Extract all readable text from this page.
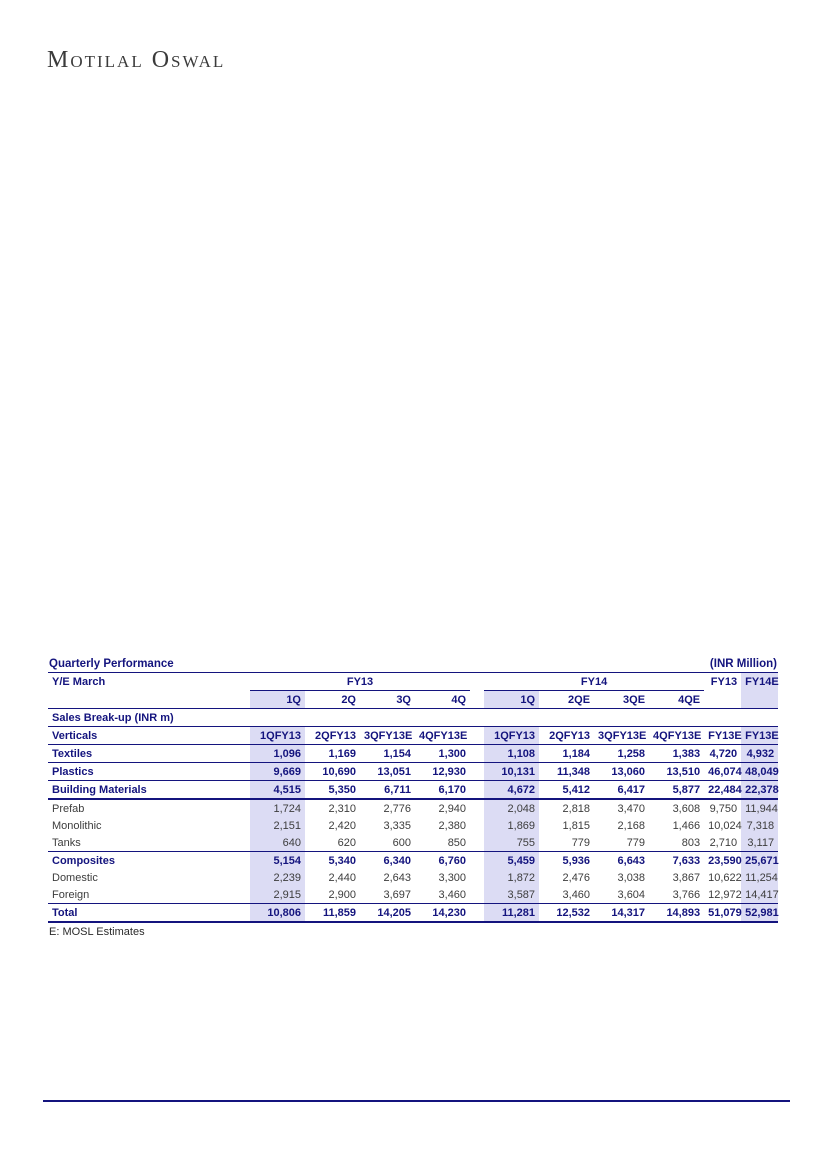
Motilal Oswal
Quarterly Performance	(INR Million)
Y/E March	FY13					FY14				FY13	FY14E
	1Q	2Q	3Q	4Q		1Q	2QE	3QE	4QE		
Sales Break-up (INR m)											
Verticals	1QFY13	2QFY13	3QFY13E	4QFY13E		1QFY13	2QFY13	3QFY13E	4QFY13E	FY13E	FY13E
Textiles	1,096	1,169	1,154	1,300		1,108	1,184	1,258	1,383	4,720	4,932
Plastics	9,669	10,690	13,051	12,930		10,131	11,348	13,060	13,510	46,074	48,049
Building Materials	4,515	5,350	6,711	6,170		4,672	5,412	6,417	5,877	22,484	22,378
Prefab	1,724	2,310	2,776	2,940		2,048	2,818	3,470	3,608	9,750	11,944
Monolithic	2,151	2,420	3,335	2,380		1,869	1,815	2,168	1,466	10,024	7,318
Tanks	640	620	600	850		755	779	779	803	2,710	3,117
Composites	5,154	5,340	6,340	6,760		5,459	5,936	6,643	7,633	23,590	25,671
Domestic	2,239	2,440	2,643	3,300		1,872	2,476	3,038	3,867	10,622	11,254
Foreign	2,915	2,900	3,697	3,460		3,587	3,460	3,604	3,766	12,972	14,417
Total	10,806	11,859	14,205	14,230		11,281	12,532	14,317	14,893	51,079	52,981
E: MOSL Estimates
